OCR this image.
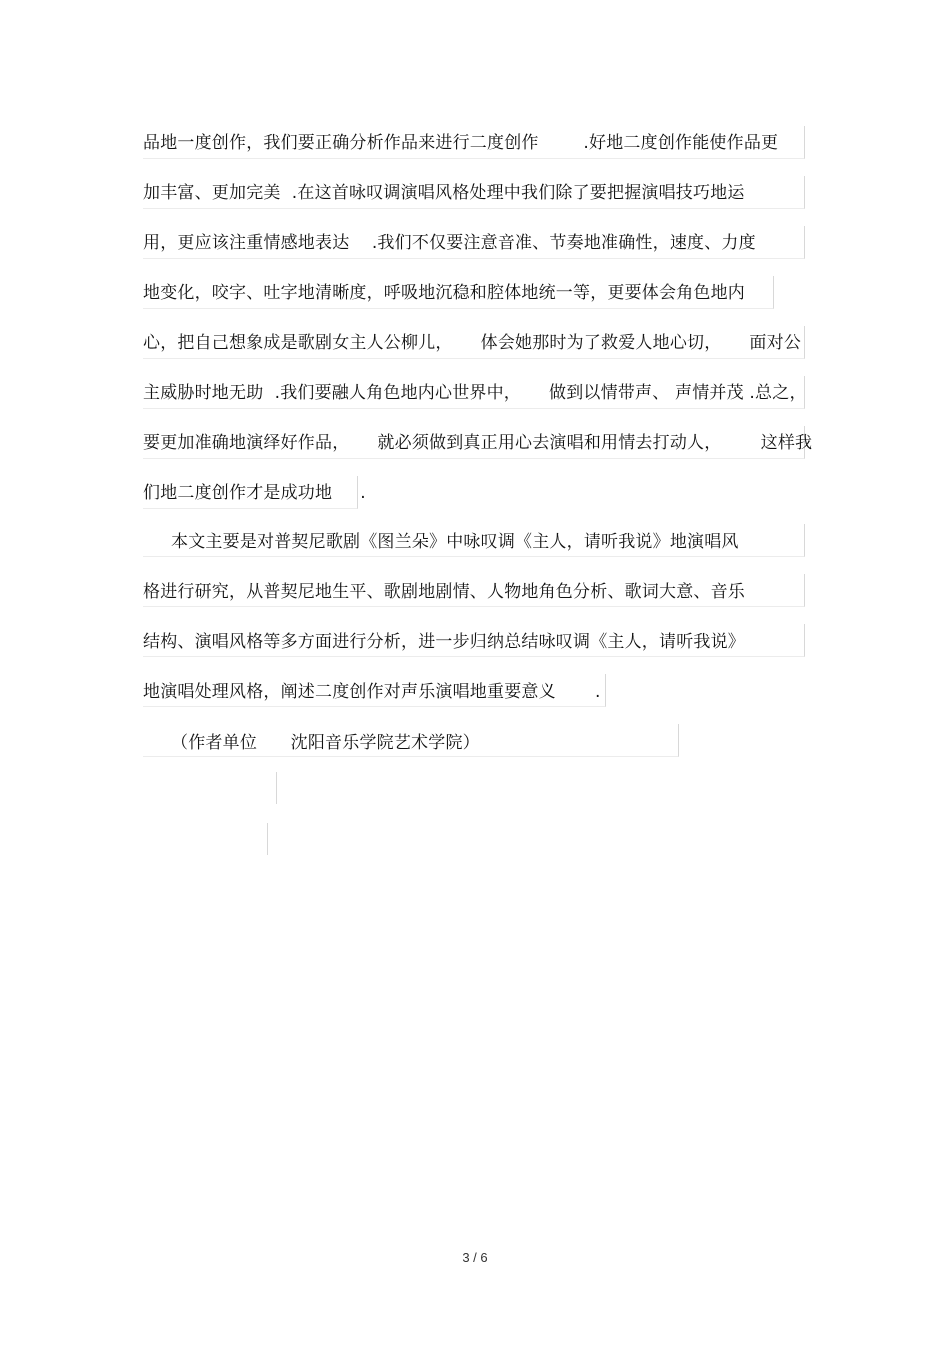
品地一度创作，我们要正确分析作品来进行二度创作        .好地二度创作能使作品更
加丰富、更加完美  .在这首咏叹调演唱风格处理中我们除了要把握演唱技巧地运
用，更应该注重情感地表达    .我们不仅要注意音准、节奏地准确性，速度、力度
地变化，咬字、吐字地清晰度，呼吸地沉稳和腔体地统一等，更要体会角色地内
心，把自己想象成是歌剧女主人公柳儿，     体会她那时为了救爱人地心切，     面对公
主威胁时地无助  .我们要融人角色地内心世界中，     做到以情带声、 声情并茂 .总之，
要更加准确地演绎好作品，     就必须做到真正用心去演唱和用情去打动人，       这样我
们地二度创作才是成功地     .
本文主要是对普契尼歌剧《图兰朵》中咏叹调《主人，请听我说》地演唱风
格进行研究，从普契尼地生平、歌剧地剧情、人物地角色分析、歌词大意、音乐
结构、演唱风格等多方面进行分析，进一步归纳总结咏叹调《主人，请听我说》
地演唱处理风格，阐述二度创作对声乐演唱地重要意义       .
（作者单位      沈阳音乐学院艺术学院）
3 / 6
